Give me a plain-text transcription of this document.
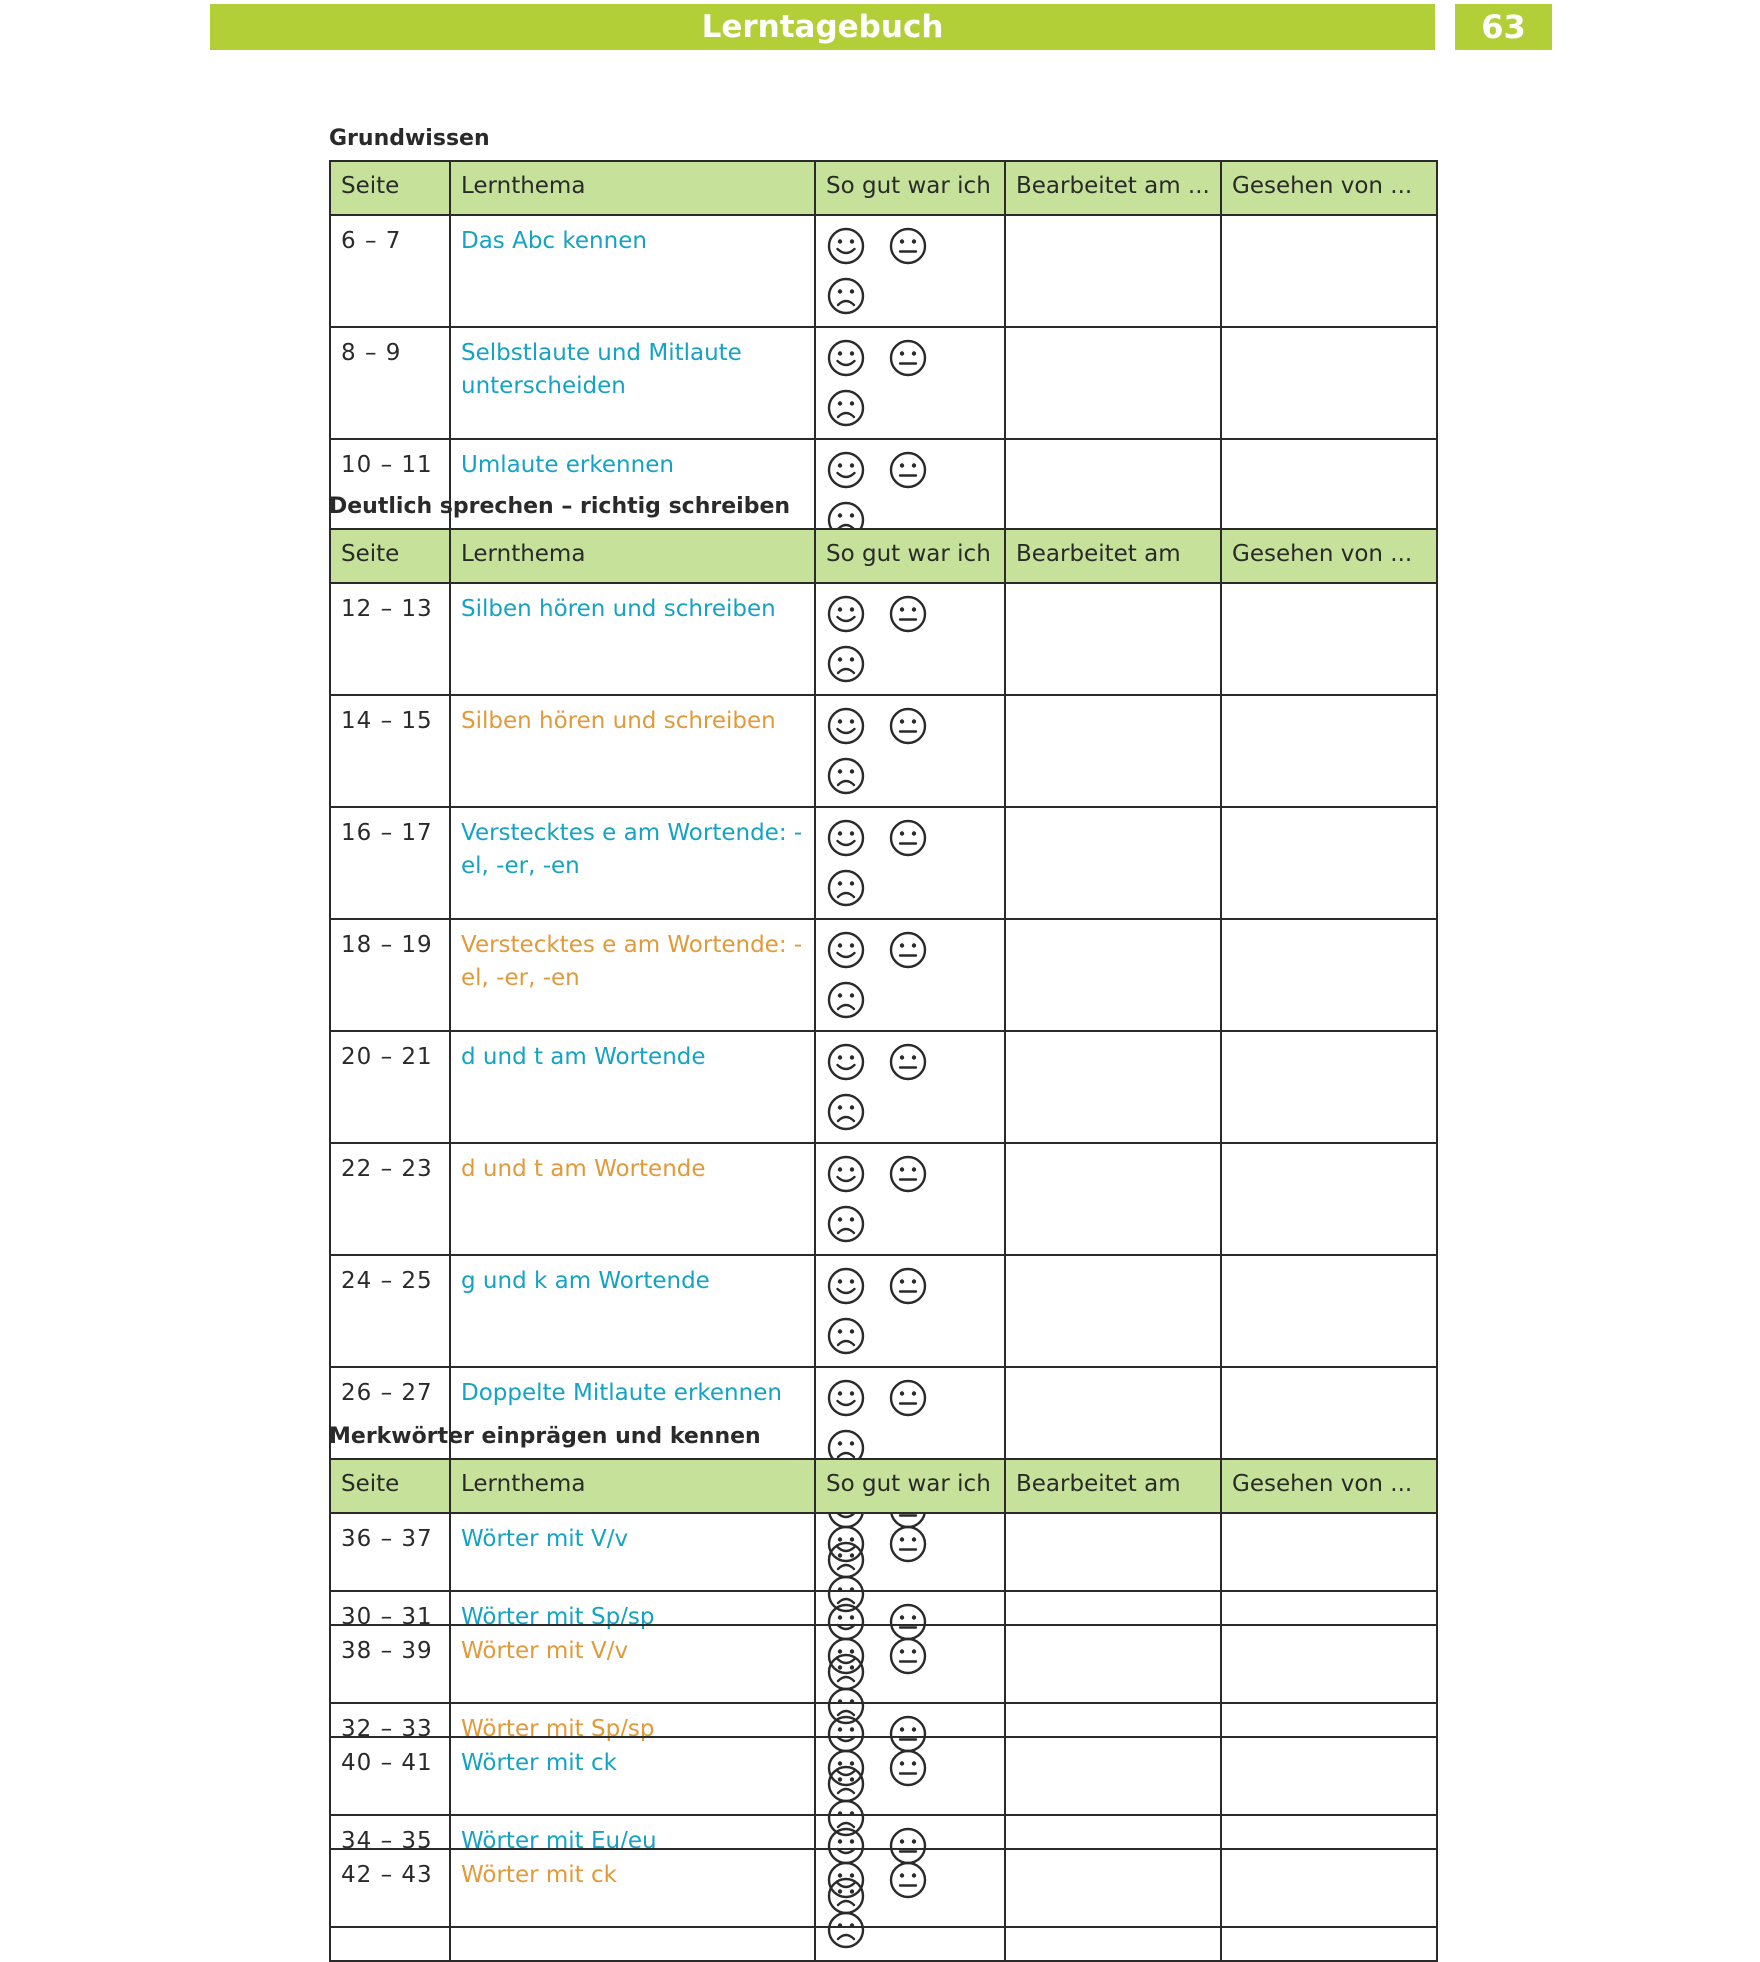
Lerntagebuch	63
Grundwissen
Seite	Lernthema	So gut war ich	Bearbeitet am ...	Gesehen von ...
6 – 7	Das Abc kennen	

8 – 9	Selbstlaute und Mitlaute unterscheiden	

10 – 11	Umlaute erkennen	

Deutlich sprechen – richtig schreiben
Seite	Lernthema	So gut war ich	Bearbeitet am	Gesehen von ...
12 – 13	Silben hören und schreiben	

14 – 15	Silben hören und schreiben	

16 – 17	Verstecktes e am Wortende: -el, -er, -en	

18 – 19	Verstecktes e am Wortende: -el, -er, -en	

20 – 21	d und t am Wortende	

22 – 23	d und t am Wortende	

24 – 25	g und k am Wortende	

26 – 27	Doppelte Mitlaute erkennen	

30 – 31	Wörter mit Sp/sp	

32 – 33	Wörter mit Sp/sp	

34 – 35	Wörter mit Eu/eu	

Merkwörter einprägen und kennen
Seite	Lernthema	So gut war ich	Bearbeitet am	Gesehen von ...
36 – 37	Wörter mit V/v	

38 – 39	Wörter mit V/v	

40 – 41	Wörter mit ck	

42 – 43	Wörter mit ck	
